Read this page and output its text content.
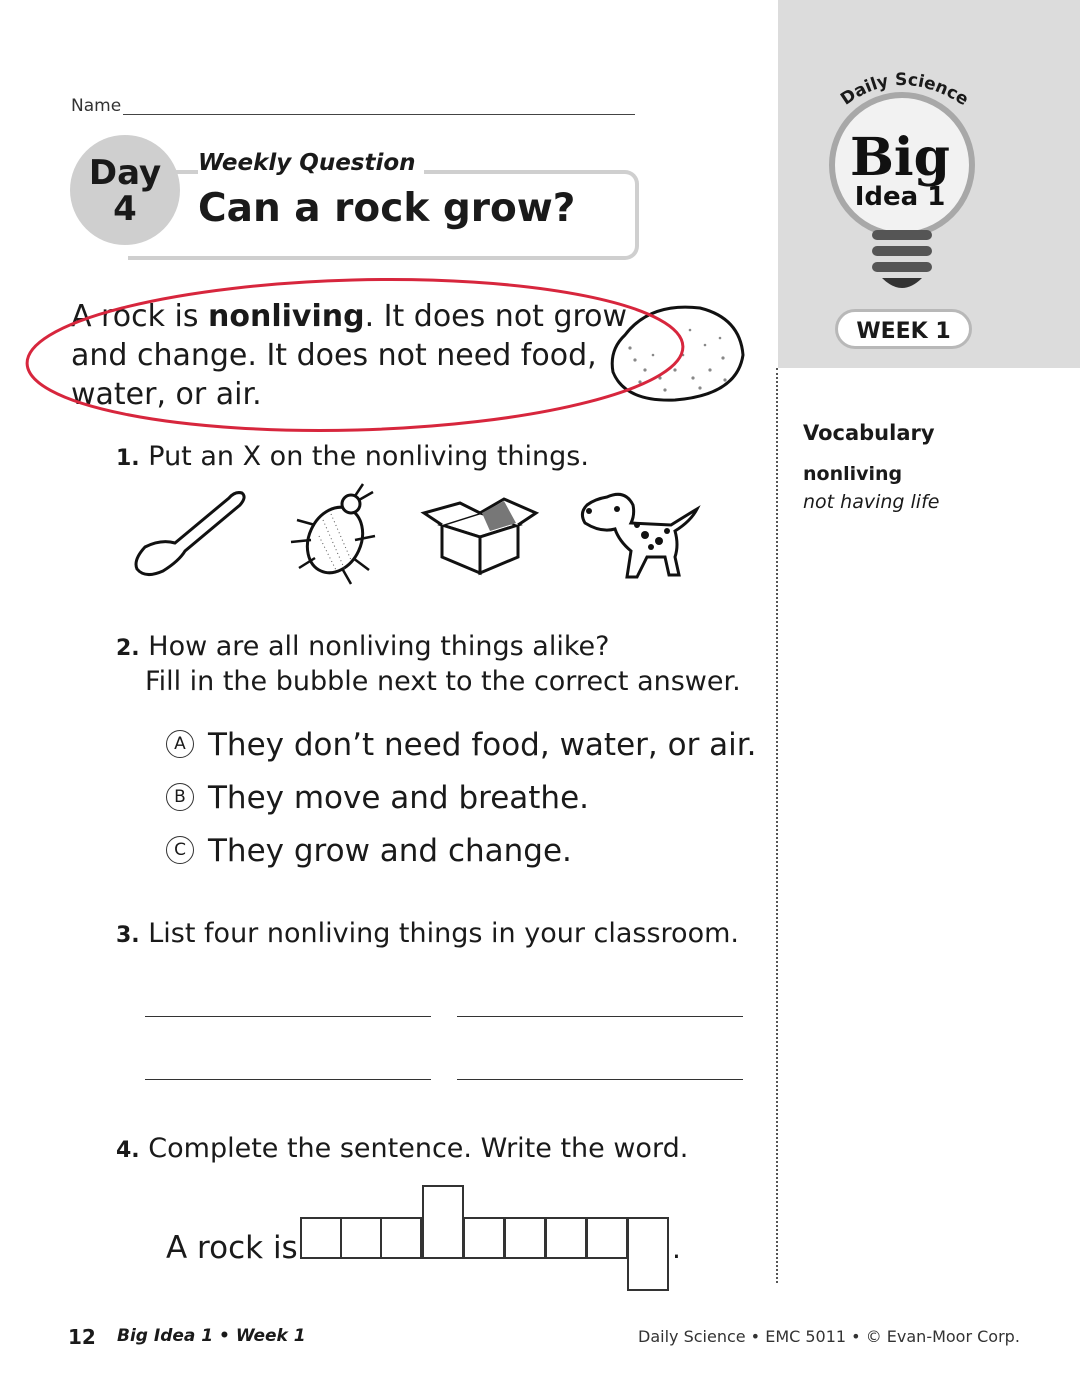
Daily Science
Big
Idea 1
WEEK 1
Name
Day
4
Weekly Question
Can a rock grow?
A rock is nonliving. It does not grow and change. It does not need food, water, or air.
1. Put an X on the nonliving things.
2. How are all nonliving things alike?
Fill in the bubble next to the correct answer.
A They don’t need food, water, or air.
B They move and breathe.
C They grow and change.
3. List four nonliving things in your classroom.
4. Complete the sentence. Write the word.
A rock is	.
Vocabulary
nonliving
not having life
12 Big Idea 1 • Week 1	Daily Science • EMC 5011 • © Evan-Moor Corp.
